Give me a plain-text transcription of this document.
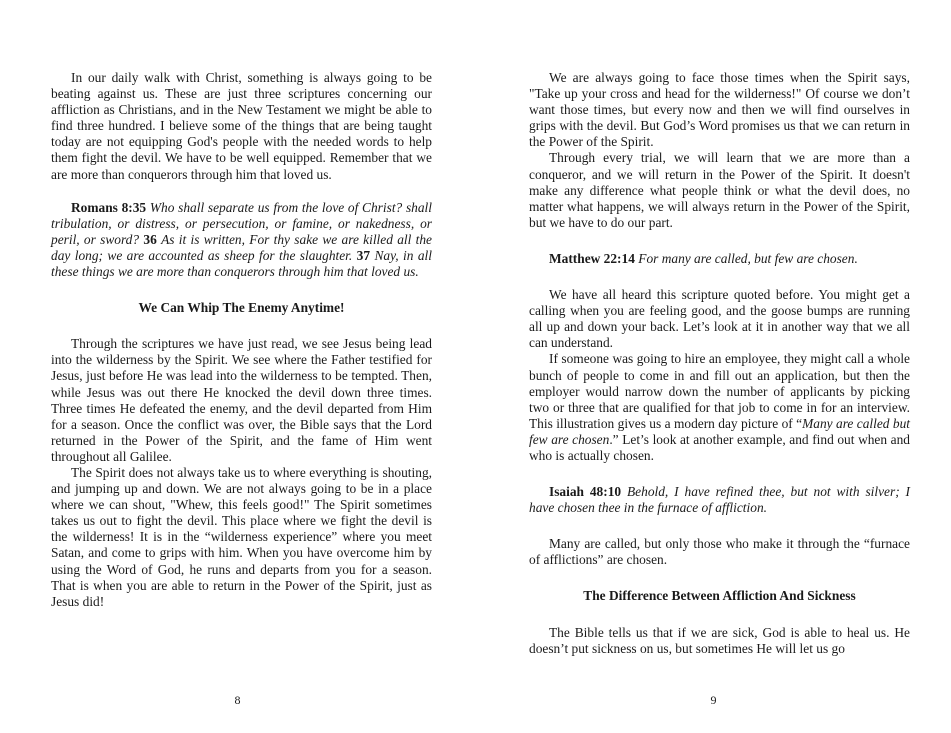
In our daily walk with Christ, something is always going to be beating against us. These are just three scriptures concerning our affliction as Christians, and in the New Testament we might be able to find three hundred. I believe some of the things that are being taught today are not equipping God's people with the needed words to help them fight the devil. We have to be well equipped. Remember that we are more than conquerors through him that loved us.

Romans 8:35 Who shall separate us from the love of Christ? shall tribulation, or distress, or persecution, or famine, or nakedness, or peril, or sword? 36 As it is written, For thy sake we are killed all the day long; we are accounted as sheep for the slaughter. 37 Nay, in all these things we are more than conquerors through him that loved us.

We Can Whip The Enemy Anytime!

Through the scriptures we have just read, we see Jesus being lead into the wilderness by the Spirit. We see where the Father testified for Jesus, just before He was lead into the wilderness to be tempted. Then, while Jesus was out there He knocked the devil down three times. Three times He defeated the enemy, and the devil departed from Him for a season. Once the conflict was over, the Bible says that the Lord returned in the Power of the Spirit, and the fame of Him went throughout all Galilee.

The Spirit does not always take us to where everything is shouting, and jumping up and down. We are not always going to be in a place where we can shout, "Whew, this feels good!" The Spirit sometimes takes us out to fight the devil. This place where we fight the devil is the wilderness! It is in the “wilderness experience” where you meet Satan, and come to grips with him. When you have overcome him by using the Word of God, he runs and departs from you for a season. That is when you are able to return in the Power of the Spirit, just as Jesus did!

8

We are always going to face those times when the Spirit says, "Take up your cross and head for the wilderness!" Of course we don’t want those times, but every now and then we will find ourselves in grips with the devil. But God’s Word promises us that we can return in the Power of the Spirit.

Through every trial, we will learn that we are more than a conqueror, and we will return in the Power of the Spirit. It doesn't make any difference what people think or what the devil does, no matter what happens, we will always return in the Power of the Spirit, but we have to do our part.

Matthew 22:14 For many are called, but few are chosen.

We have all heard this scripture quoted before. You might get a calling when you are feeling good, and the goose bumps are running all up and down your back. Let’s look at it in another way that we all can understand.

If someone was going to hire an employee, they might call a whole bunch of people to come in and fill out an application, but then the employer would narrow down the number of applicants by picking two or three that are qualified for that job to come in for an interview. This illustration gives us a modern day picture of “Many are called but few are chosen.” Let’s look at another example, and find out when and who is actually chosen.

Isaiah 48:10 Behold, I have refined thee, but not with silver; I have chosen thee in the furnace of affliction.

Many are called, but only those who make it through the “furnace of afflictions” are chosen.

The Difference Between Affliction And Sickness

The Bible tells us that if we are sick, God is able to heal us. He doesn’t put sickness on us, but sometimes He will let us go

9
